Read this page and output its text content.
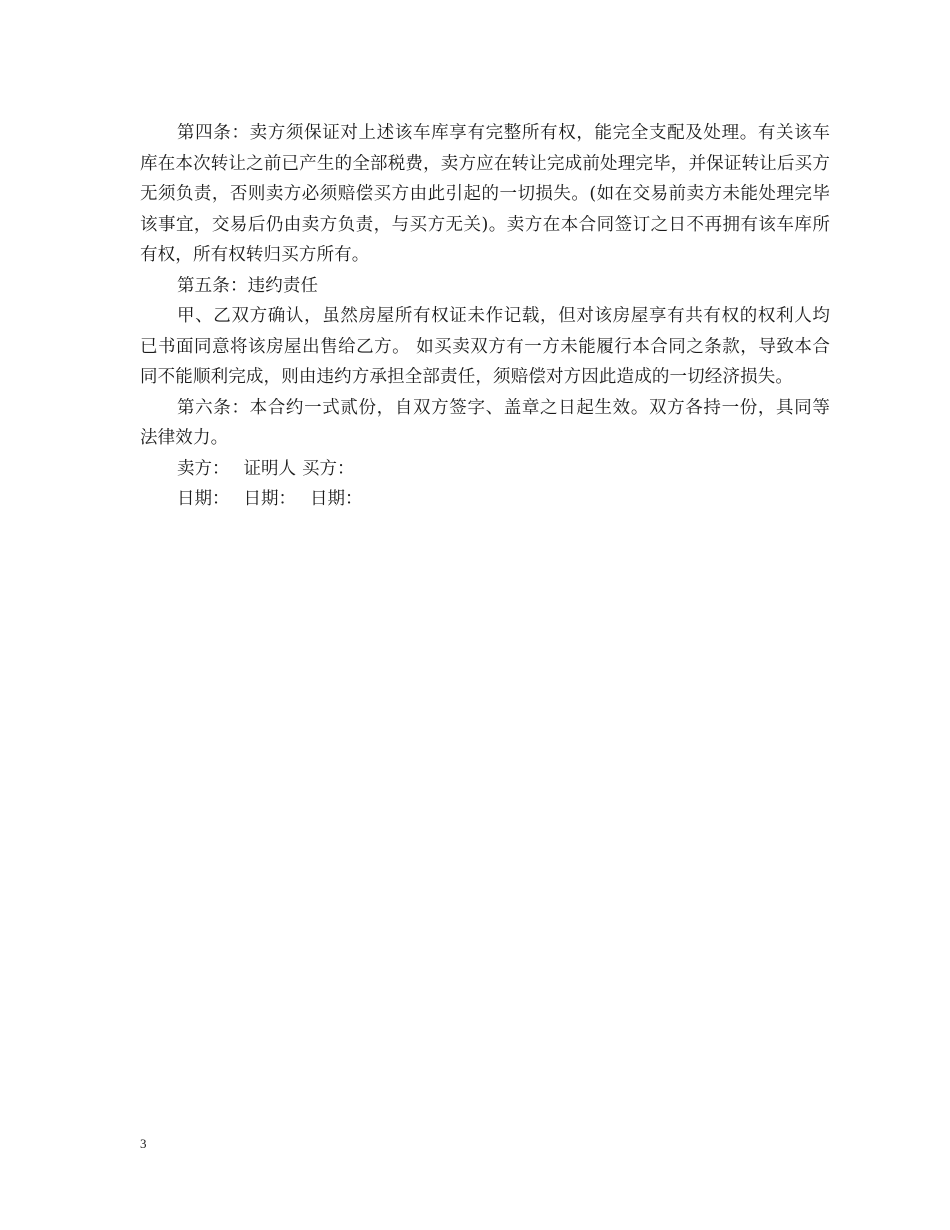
第四条：卖方须保证对上述该车库享有完整所有权，能完全支配及处理。有关该车库在本次转让之前已产生的全部税费，卖方应在转让完成前处理完毕，并保证转让后买方无须负责，否则卖方必须赔偿买方由此引起的一切损失。(如在交易前卖方未能处理完毕该事宜，交易后仍由卖方负责，与买方无关)。卖方在本合同签订之日不再拥有该车库所有权，所有权转归买方所有。

第五条：违约责任

甲、乙双方确认，虽然房屋所有权证未作记载，但对该房屋享有共有权的权利人均已书面同意将该房屋出售给乙方。 如买卖双方有一方未能履行本合同之条款，导致本合同不能顺利完成，则由违约方承担全部责任，须赔偿对方因此造成的一切经济损失。

第六条：本合约一式贰份，自双方签字、盖章之日起生效。双方各持一份，具同等法律效力。

卖方： 证明人 买方：

日期： 日期： 日期：

3
